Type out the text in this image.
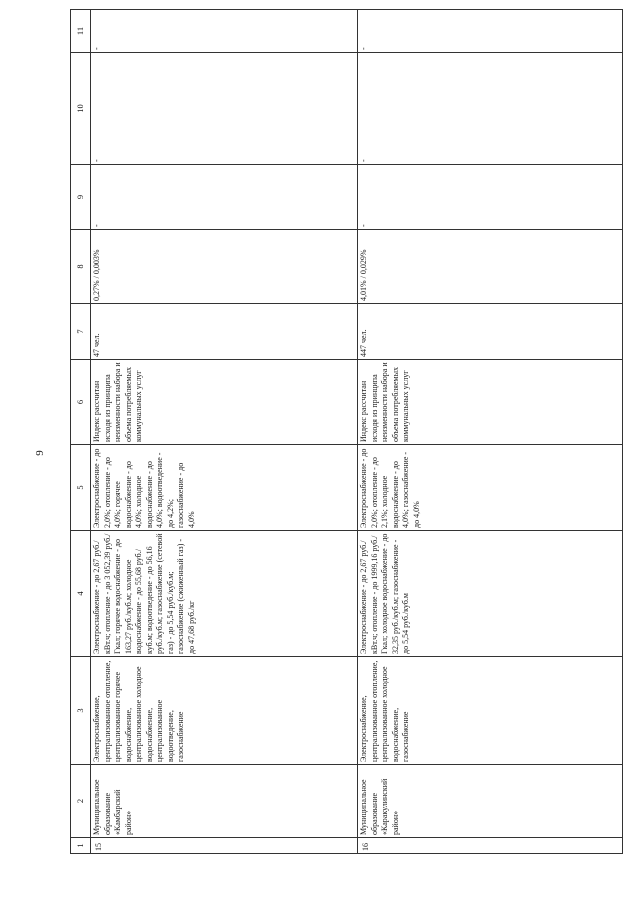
9
1	2	3	4	5	6	7	8	9	10	11
15	Муниципальное образование «Камбарский район»	Электроснабжение, централизованное отопление, централизованное горячее водоснабжение, централизованное холодное водоснабжение, централизованное водоотведение, газоснабжение	Электроснабжение - до 2,67 руб./кВт.ч; отопление - до 3 052,39 руб./Гкал; горячее водоснабжение - до 163,27 руб./куб.м; холодное водоснабжение - до 55,68 руб./куб.м; водоотведение - до 56,16 руб./куб.м; газоснабжение (сетевой газ) - до 5,54 руб./куб.м; газоснабжение (сжиженный газ) - до 47,68 руб./кг	Электроснабжение - до 2,0%; отопление - до 4,0%; горячее водоснабжение - до 4,0%; холодное водоснабжение - до 4,0%; водоотведение - до 4,2%; газоснабжение - до 4,0%	Индекс рассчитан исходя из принципа неизменности набора и объема потребляемых коммунальных услуг	47 чел.	0,27% / 0,003%	-	-	-
16	Муниципальное образование «Каракулинский район»	Электроснабжение, централизованное отопление, централизованное холодное водоснабжение, газоснабжение	Электроснабжение - до 2,67 руб./кВт.ч; отопление - до 1999,16 руб./Гкал; холодное водоснабжение - до 32,35 руб./куб.м; газоснабжение - до 5,54 руб./куб.м	Электроснабжение - до 2,0%; отопление - до 2,1%; холодное водоснабжение - до 4,0%; газоснабжение - до 4,0%	Индекс рассчитан исходя из принципа неизменности набора и объема потребляемых коммунальных услуг	447 чел.	4,01% / 0,029%	-	-	-
